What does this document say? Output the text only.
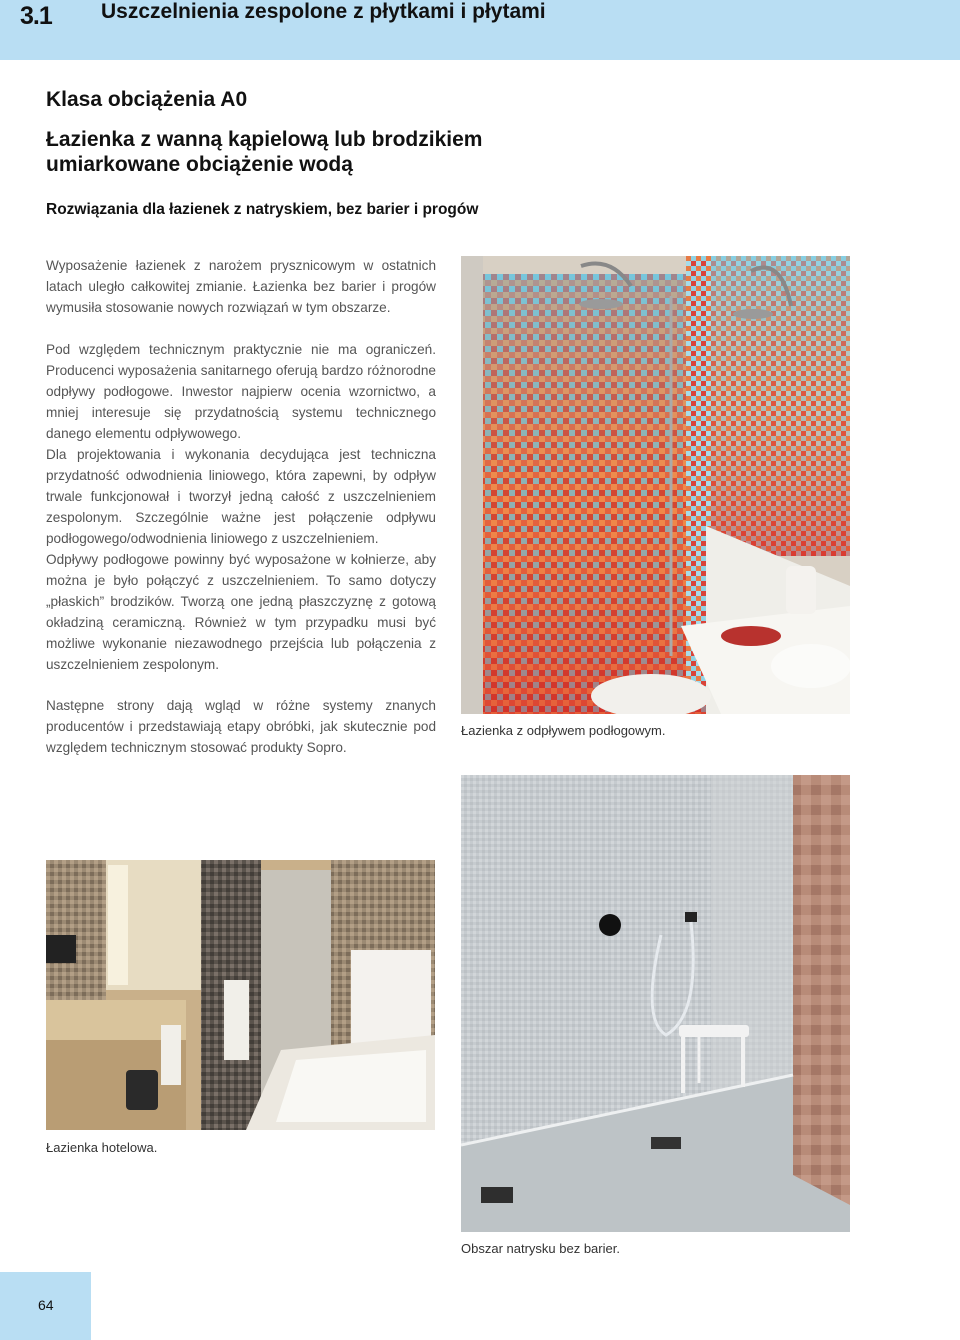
3.1 Uszczelnienia zespolone z płytkami i płytami
Klasa obciążenia A0
Łazienka z wanną kąpielową lub brodzikiem
umiarkowane obciążenie wodą
Rozwiązania dla łazienek z natryskiem, bez barier i progów

Wyposażenie łazienek z narożem prysznicowym w ostatnich latach uległo całkowitej zmianie. Łazienka bez barier i progów wymusiła stosowanie nowych rozwiązań w tym obszarze.

Pod względem technicznym praktycznie nie ma ograniczeń. Producenci wyposażenia sanitarnego oferują bardzo różnorodne odpływy podłogowe. Inwestor najpierw ocenia wzornictwo, a mniej interesuje się przydatnością systemu technicznego danego elementu odpływowego.

Dla projektowania i wykonania decydująca jest techniczna przydatność odwodnienia liniowego, która zapewni, by odpływ trwale funkcjonował i tworzył jedną całość z uszczelnieniem zespolonym. Szczególnie ważne jest połączenie odpływu podłogowego/odwodnienia liniowego z uszczelnieniem.

Odpływy podłogowe powinny być wyposażone w kołnierze, aby można je było połączyć z uszczelnieniem. To samo dotyczy „płaskich” brodzików. Tworzą one jedną płaszczyznę z gotową okładziną ceramiczną. Również w tym przypadku musi być możliwe wykonanie niezawodnego przejścia lub połączenia z uszczelnieniem zespolonym.

Następne strony dają wgląd w różne systemy znanych producentów i przedstawiają etapy obróbki, jak skutecznie pod względem technicznym stosować produkty Sopro.

Łazienka z odpływem podłogowym.
Łazienka hotelowa.
Obszar natrysku bez barier.
64
